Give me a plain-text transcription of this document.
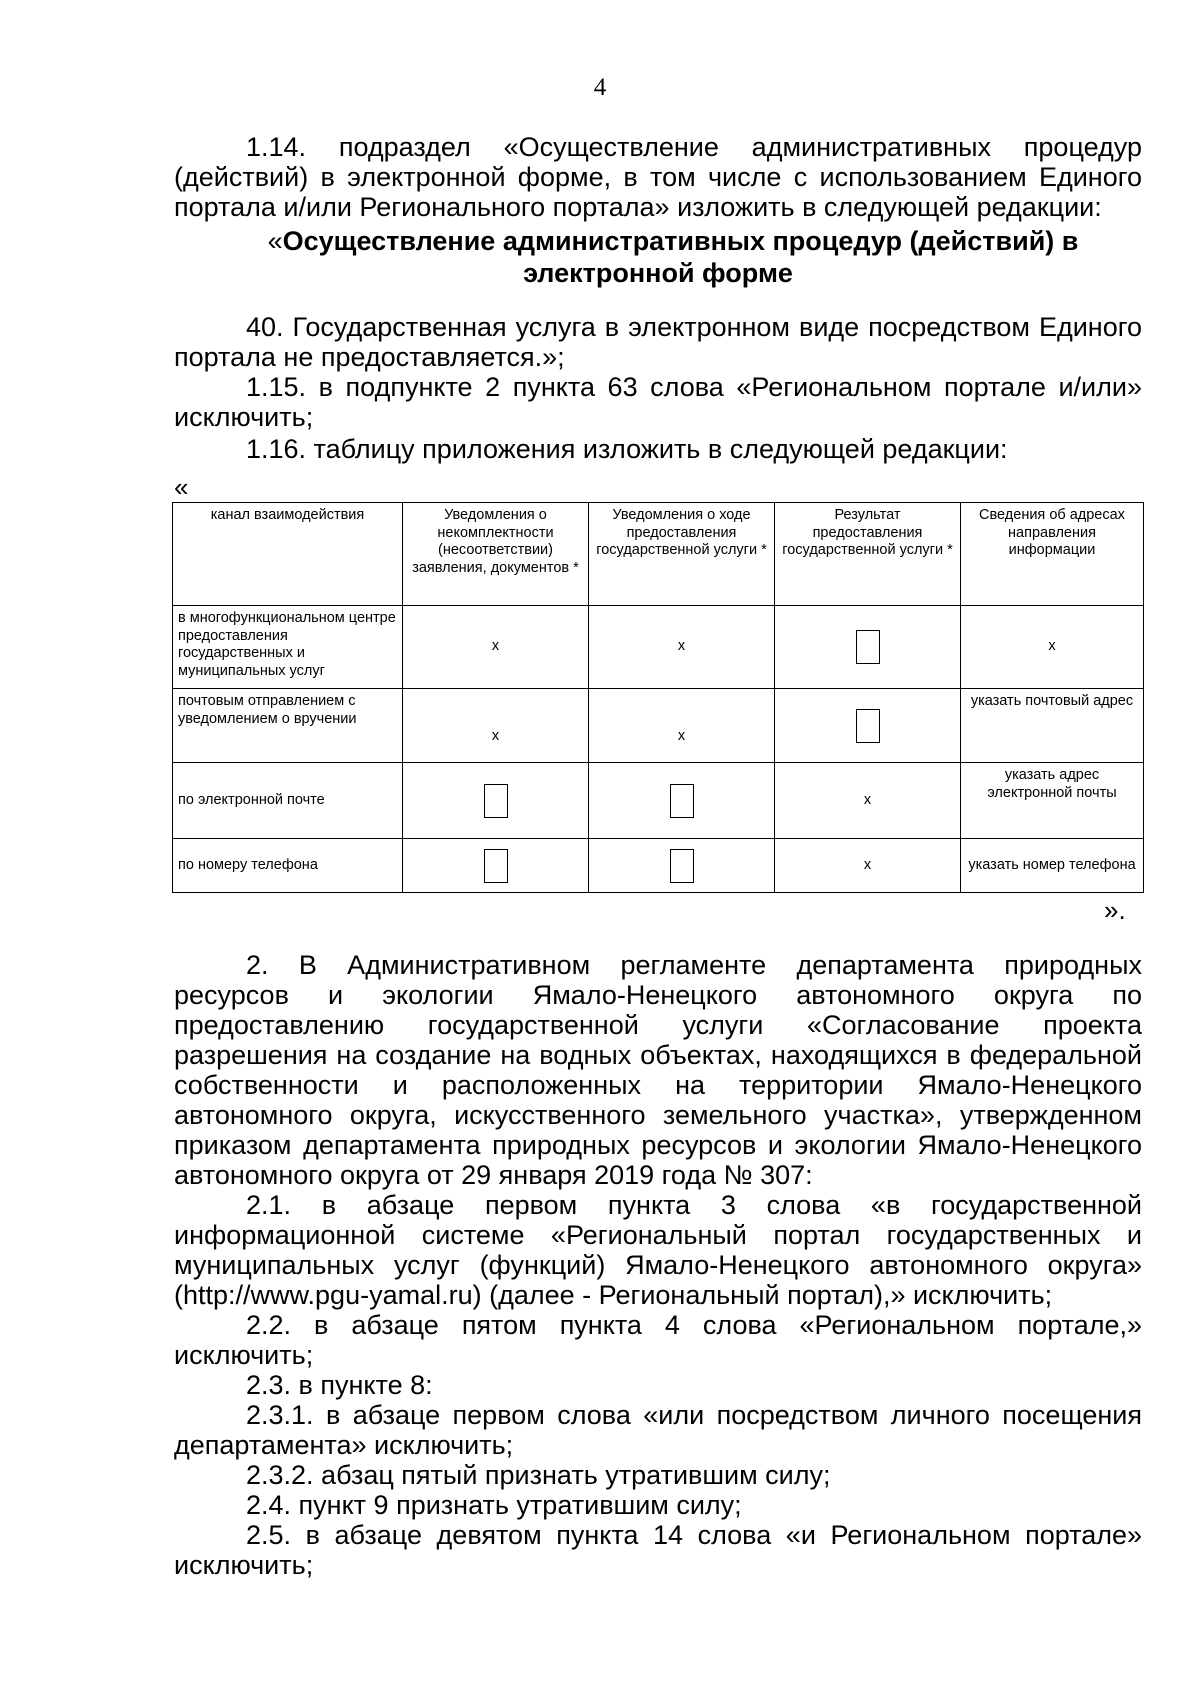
4

1.14. подраздел «Осуществление административных процедур (действий) в электронной форме, в том числе с использованием Единого портала и/или Регионального портала» изложить в следующей редакции:

«Осуществление административных процедур (действий) в
электронной форме

40. Государственная услуга в электронном виде посредством Единого портала не предоставляется.»;

1.15. в подпункте 2 пункта 63 слова «Региональном портале и/или» исключить;

1.16. таблицу приложения изложить в следующей редакции:

«
канал взаимодействия	Уведомления о некомплектности (несоответствии) заявления, документов *	Уведомления о ходе предоставления государственной услуги *	Результат предоставления государственной услуги *	Сведения об адресах направления информации
в многофункциональном центре предоставления государственных и муниципальных услуг	x	x		x
почтовым отправлением с уведомлением о вручении	x	x		указать почтовый адрес
по электронной почте			x	указать адрес электронной почты
по номеру телефона			x	указать номер телефона
».

2. В Административном регламенте департамента природных ресурсов и экологии Ямало-Ненецкого автономного округа по предоставлению государственной услуги «Согласование проекта разрешения на создание на водных объектах, находящихся в федеральной собственности и расположенных на территории Ямало-Ненецкого автономного округа, искусственного земельного участка», утвержденном приказом департамента природных ресурсов и экологии Ямало-Ненецкого автономного округа от 29 января 2019 года № 307:

2.1. в абзаце первом пункта 3 слова «в государственной информационной системе «Региональный портал государственных и муниципальных услуг (функций) Ямало-Ненецкого автономного округа» (http://www.pgu-yamal.ru) (далее - Региональный портал),» исключить;

2.2. в абзаце пятом пункта 4 слова «Региональном портале,» исключить;

2.3. в пункте 8:

2.3.1. в абзаце первом слова «или посредством личного посещения департамента» исключить;

2.3.2. абзац пятый признать утратившим силу;

2.4. пункт 9 признать утратившим силу;

2.5. в абзаце девятом пункта 14 слова «и Региональном портале» исключить;
